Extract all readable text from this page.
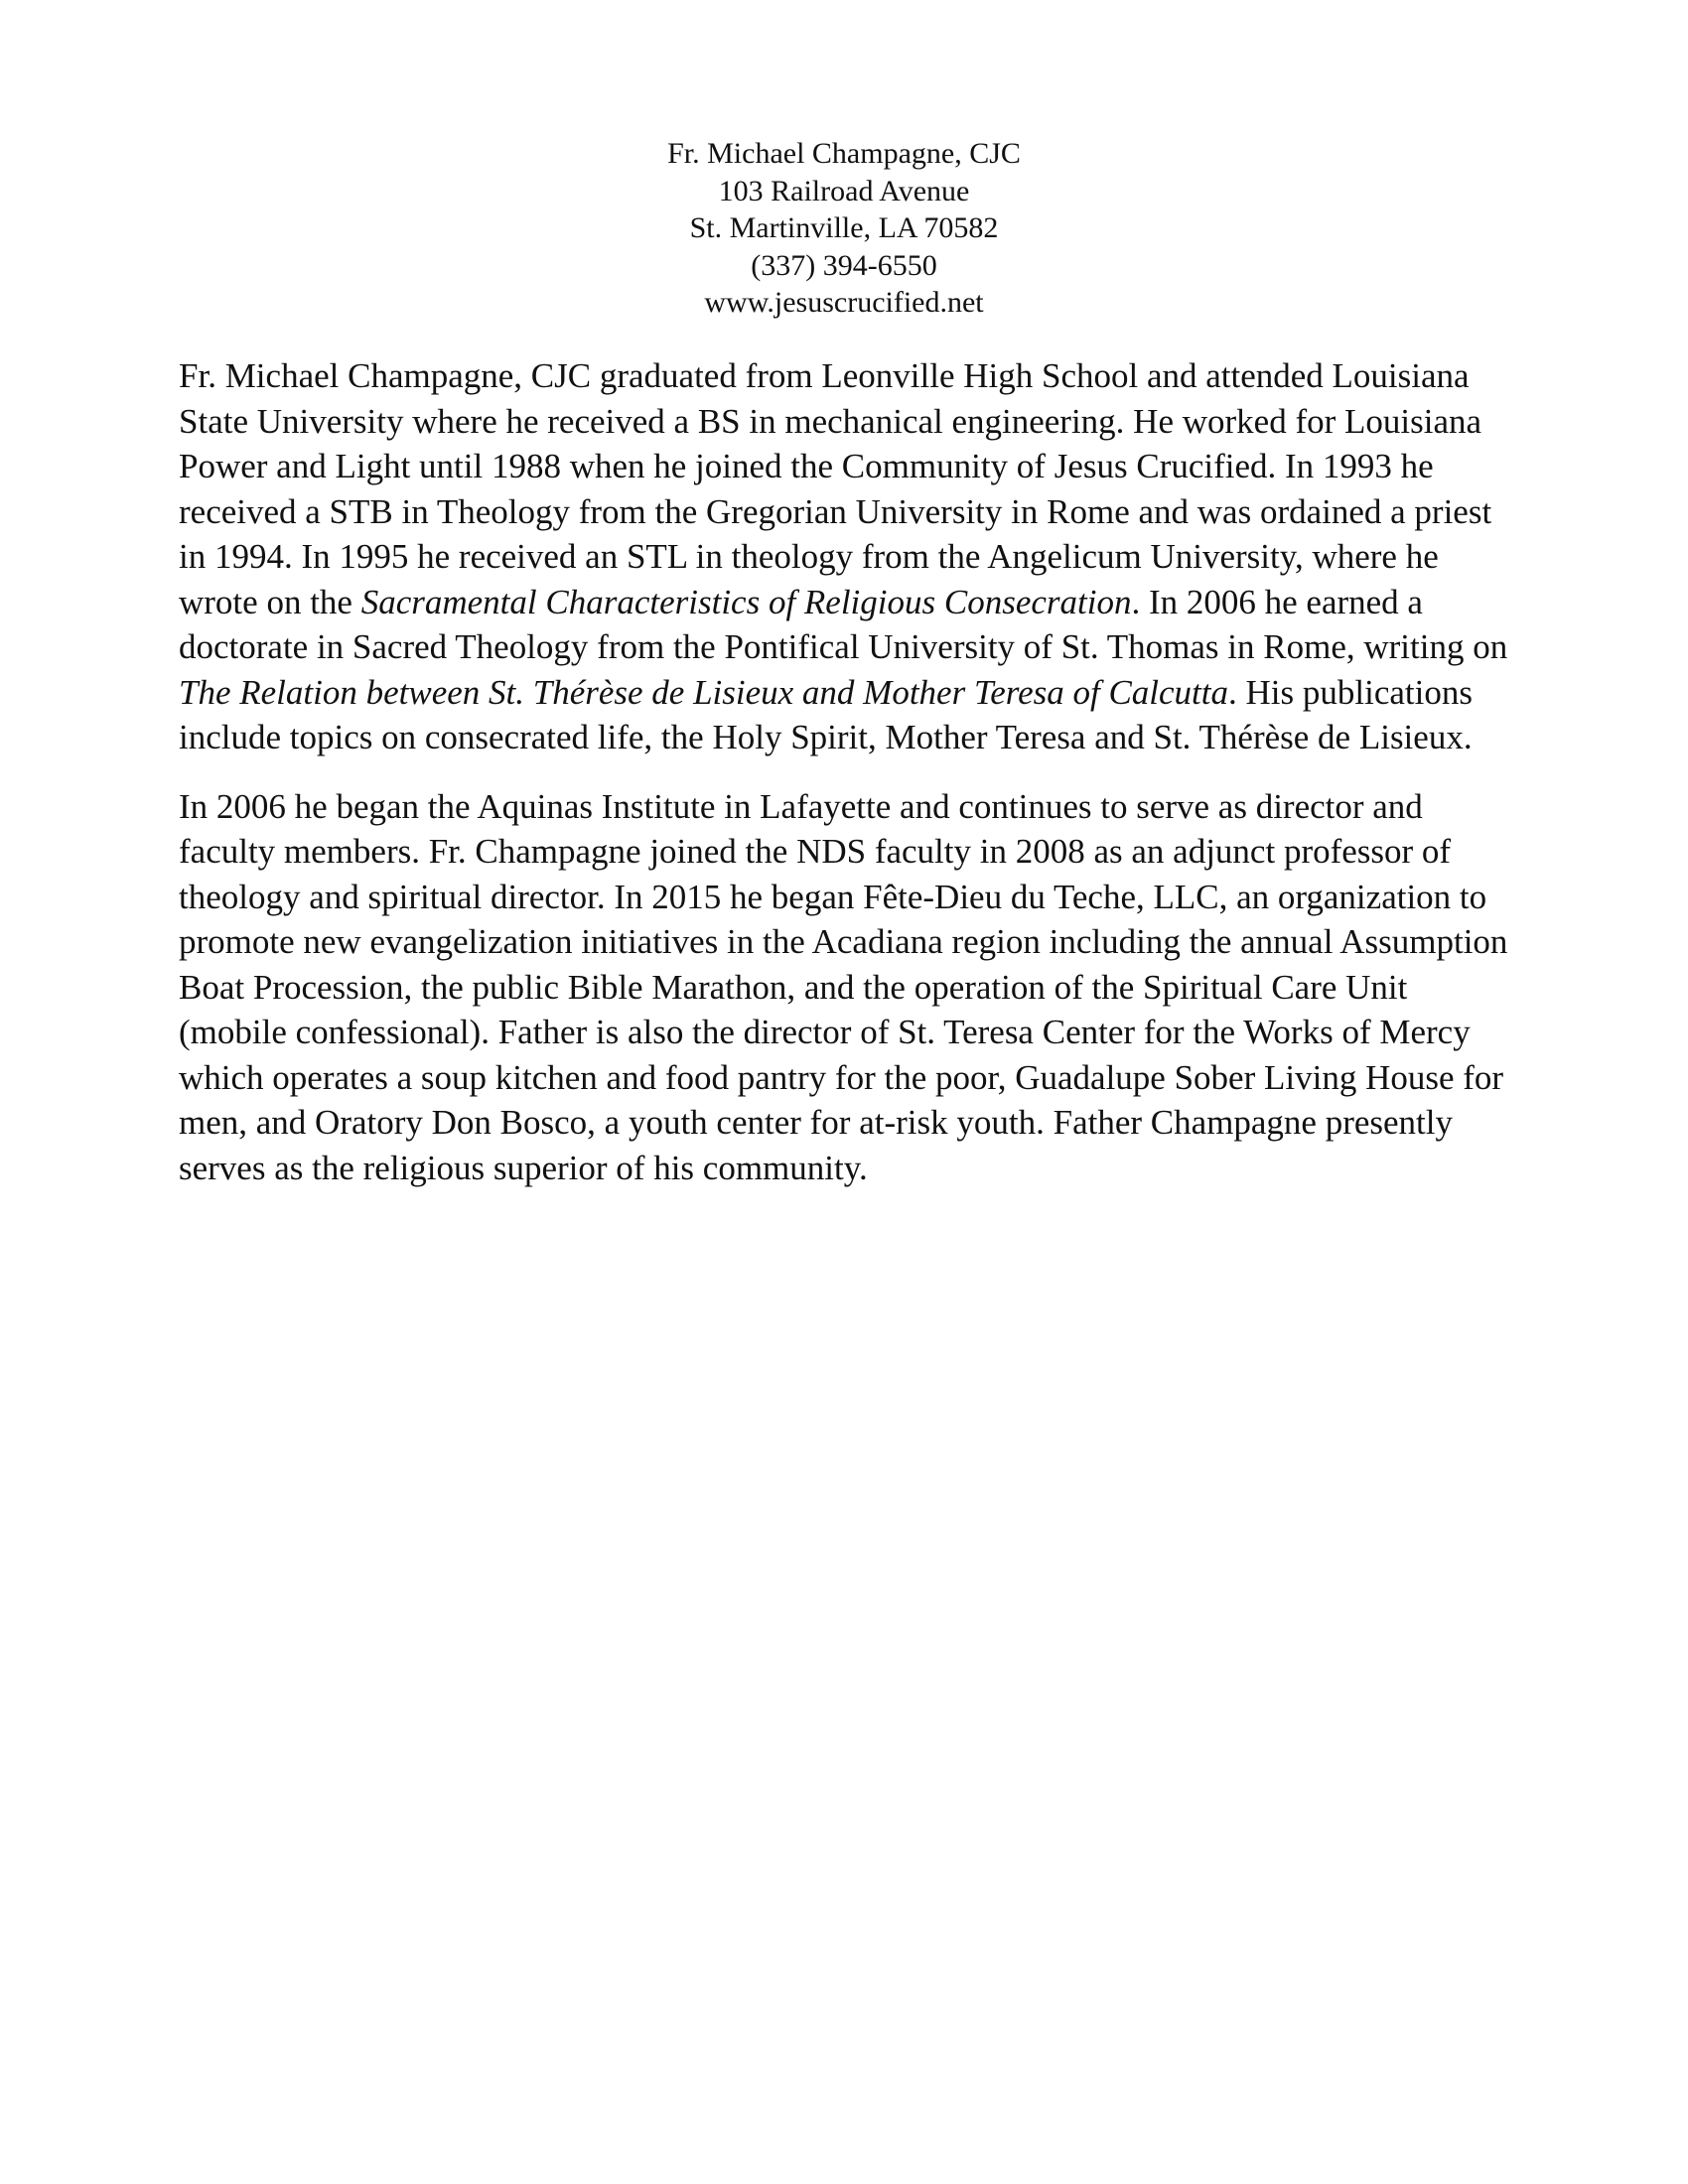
Fr. Michael Champagne, CJC
103 Railroad Avenue
St. Martinville, LA 70582
(337) 394-6550
www.jesuscrucified.net

Fr. Michael Champagne, CJC graduated from Leonville High School and attended Louisiana State University where he received a BS in mechanical engineering. He worked for Louisiana Power and Light until 1988 when he joined the Community of Jesus Crucified. In 1993 he received a STB in Theology from the Gregorian University in Rome and was ordained a priest in 1994. In 1995 he received an STL in theology from the Angelicum University, where he wrote on the Sacramental Characteristics of Religious Consecration. In 2006 he earned a doctorate in Sacred Theology from the Pontifical University of St. Thomas in Rome, writing on The Relation between St. Thérèse de Lisieux and Mother Teresa of Calcutta. His publications include topics on consecrated life, the Holy Spirit, Mother Teresa and St. Thérèse de Lisieux.

In 2006 he began the Aquinas Institute in Lafayette and continues to serve as director and faculty members. Fr. Champagne joined the NDS faculty in 2008 as an adjunct professor of theology and spiritual director. In 2015 he began Fête-Dieu du Teche, LLC, an organization to promote new evangelization initiatives in the Acadiana region including the annual Assumption Boat Procession, the public Bible Marathon, and the operation of the Spiritual Care Unit (mobile confessional). Father is also the director of St. Teresa Center for the Works of Mercy which operates a soup kitchen and food pantry for the poor, Guadalupe Sober Living House for men, and Oratory Don Bosco, a youth center for at-risk youth. Father Champagne presently serves as the religious superior of his community.
